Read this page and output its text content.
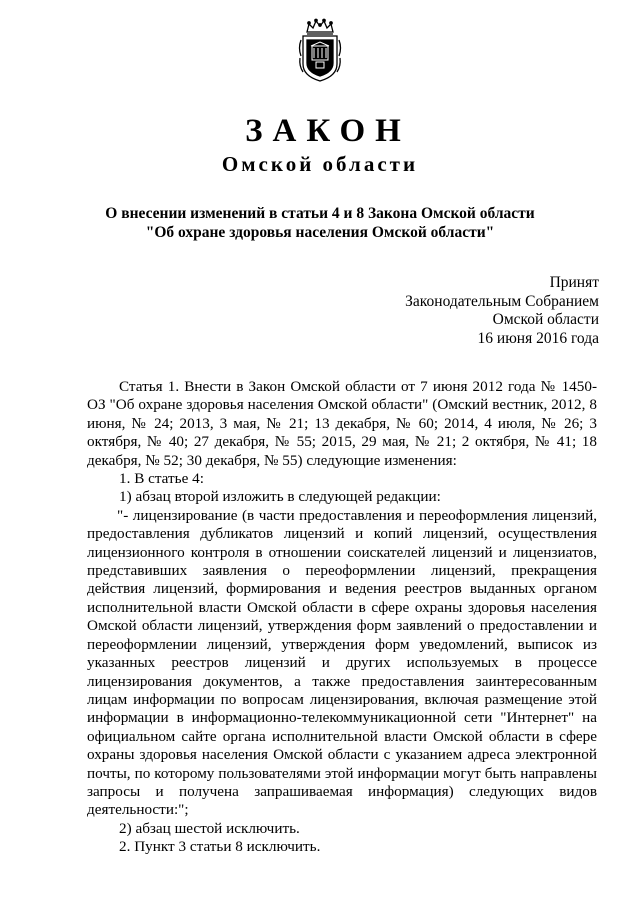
ЗАКОН
Омской области
О внесении изменений в статьи 4 и 8 Закона Омской области
"Об охране здоровья населения Омской области"
Принят
Законодательным Собранием
Омской области
16 июня 2016 года

Статья 1. Внести в Закон Омской области от 7 июня 2012 года № 1450-ОЗ "Об охране здоровья населения Омской области" (Омский вестник, 2012, 8 июня, № 24; 2013, 3 мая, № 21; 13 декабря, № 60; 2014, 4 июля, № 26; 3 октября, № 40; 27 декабря, № 55; 2015, 29 мая, № 21; 2 октября, № 41; 18 декабря, № 52; 30 декабря, № 55) следующие изменения:

1. В статье 4:

1) абзац второй изложить в следующей редакции:

"- лицензирование (в части предоставления и переоформления лицензий, предоставления дубликатов лицензий и копий лицензий, осуществления лицензионного контроля в отношении соискателей лицензий и лицензиатов, представивших заявления о переоформлении лицензий, прекращения действия лицензий, формирования и ведения реестров выданных органом исполнительной власти Омской области в сфере охраны здоровья населения Омской области лицензий, утверждения форм заявлений о предоставлении и переоформлении лицензий, утверждения форм уведомлений, выписок из указанных реестров лицензий и других используемых в процессе лицензирования документов, а также предоставления заинтересованным лицам информации по вопросам лицензирования, включая размещение этой информации в информационно-телекоммуникационной сети "Интернет" на официальном сайте органа исполнительной власти Омской области в сфере охраны здоровья населения Омской области с указанием адреса электронной почты, по которому пользователями этой информации могут быть направлены запросы и получена запрашиваемая информация) следующих видов деятельности:";

2) абзац шестой исключить.

2. Пункт 3 статьи 8 исключить.
